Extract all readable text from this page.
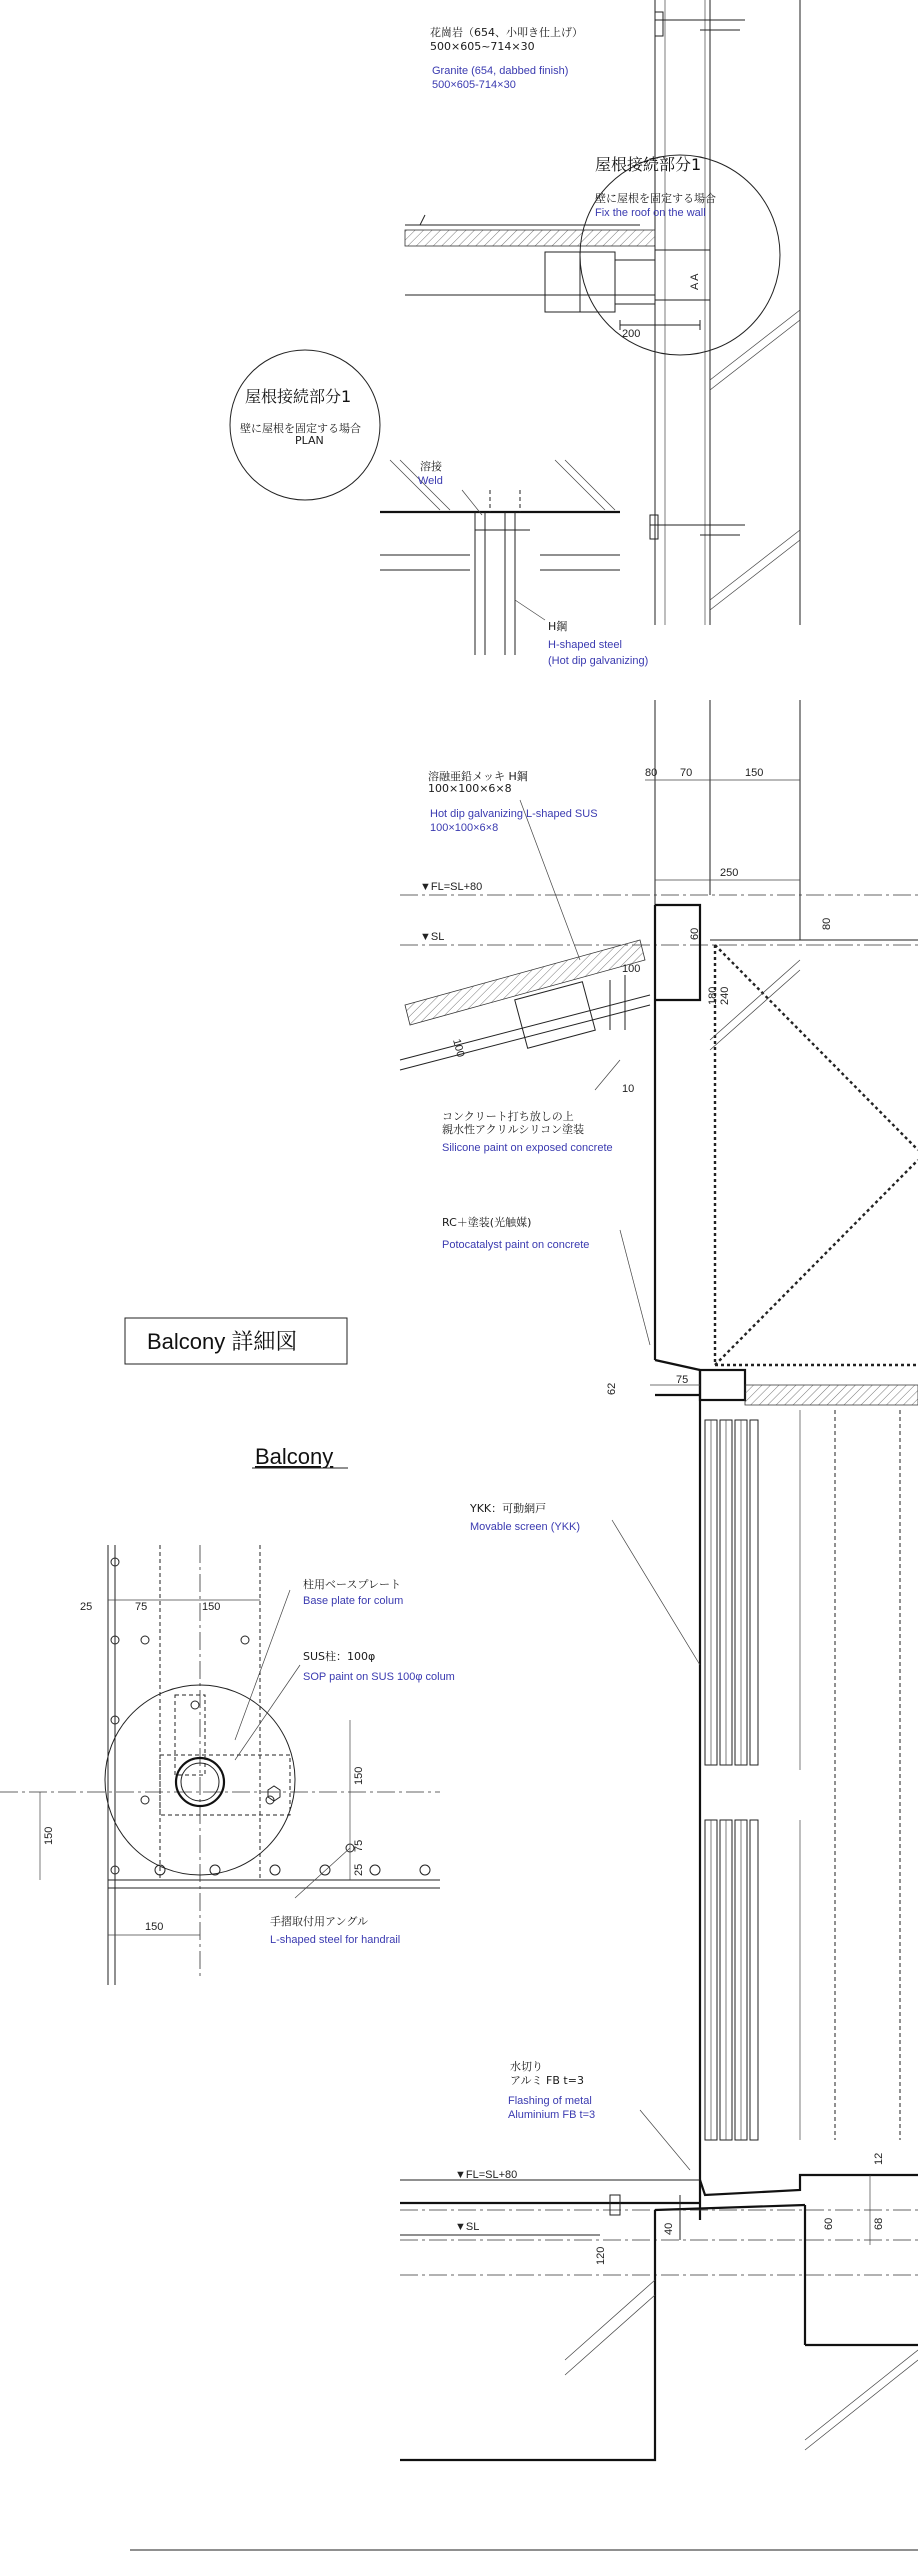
A A
200
花崗岩（654、小叩き仕上げ）
500×605~714×30
Granite (654, dabbed finish)
500×605-714×30
屋根接続部分1
壁に屋根を固定する場合
Fix the roof on the wall
屋根接続部分1
壁に屋根を固定する場合
PLAN
溶接
Weld
H鋼
H-shaped steel
(Hot dip galvanizing)
80 70	150
250
80
▼FL=SL+80
▼SL	60
180 240
100
10
100
溶融亜鉛メッキ H鋼
100×100×6×8
Hot dip galvanizing L-shaped SUS
100×100×6×8
コンクリート打ち放しの上
親水性アクリルシリコン塗装
Silicone paint on exposed concrete
RC＋塗装(光触媒)
Potocatalyst paint on concrete
Balcony 詳細図
Balcony
62
75
YKK：可動網戸
Movable screen (YKK)
25	75	150
150
75
25
150
150
柱用ベースプレート
Base plate for colum
SUS柱：100φ
SOP paint on SUS 100φ colum
手摺取付用アングル
L-shaped steel for handrail
▼FL=SL+80
▼SL
12
60	68
40
120
水切り
アルミ FB t=3
Flashing of metal
Aluminium FB t=3
